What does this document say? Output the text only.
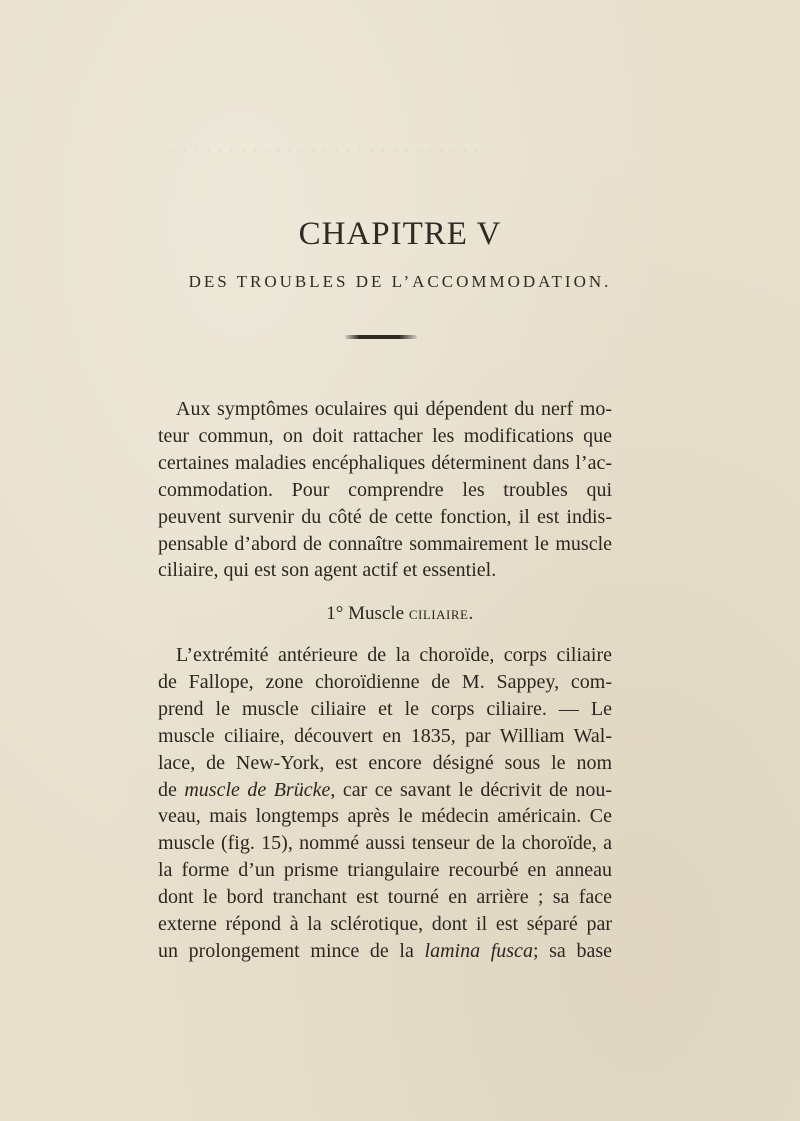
· · · · · · · · · · · · · · · · · · · · · · · · · · · ·
CHAPITRE V
DES TROUBLES DE L’ACCOMMODATION.
Aux symptômes oculaires qui dépendent du nerf mo-
teur commun, on doit rattacher les modifications que
certaines maladies encéphaliques déterminent dans l’ac-
commodation. Pour comprendre les troubles qui
peuvent survenir du côté de cette fonction, il est indis-
pensable d’abord de connaître sommairement le muscle
ciliaire, qui est son agent actif et essentiel.
1° Muscle ciliaire.
L’extrémité antérieure de la choroïde, corps ciliaire
de Fallope, zone choroïdienne de M. Sappey, com-
prend le muscle ciliaire et le corps ciliaire. — Le
muscle ciliaire, découvert en 1835, par William Wal-
lace, de New-York, est encore désigné sous le nom
de muscle de Brücke, car ce savant le décrivit de nou-
veau, mais longtemps après le médecin américain. Ce
muscle (fig. 15), nommé aussi tenseur de la choroïde, a
la forme d’un prisme triangulaire recourbé en anneau
dont le bord tranchant est tourné en arrière ; sa face
externe répond à la sclérotique, dont il est séparé par
un prolongement mince de la lamina fusca; sa base
